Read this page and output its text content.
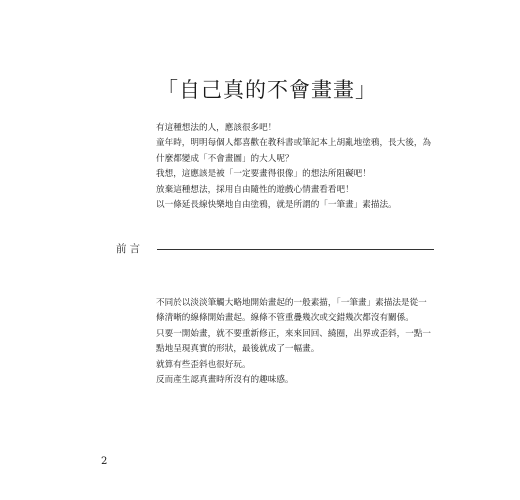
「自己真的不會畫畫」
有這種想法的人，應該很多吧！
童年時，明明每個人都喜歡在教科書或筆記本上胡亂地塗鴉，長大後，為
什麼都變成「不會畫圖」的大人呢？
我想，這應該是被「一定要畫得很像」的想法所阻礙吧！
放棄這種想法，採用自由隨性的遊戲心情畫看看吧！
以一條延長線快樂地自由塗鴉，就是所謂的「一筆畫」素描法。
前言
不同於以淡淡筆觸大略地開始畫起的一般素描，「一筆畫」素描法是從一
條清晰的線條開始畫起。線條不管重疊幾次或交錯幾次都沒有關係。
只要一開始畫，就不要重新修正，來來回回、繞圈，出界或歪斜，一點一
點地呈現真實的形狀，最後就成了一幅畫。
就算有些歪斜也很好玩。
反而產生認真畫時所沒有的趣味感。
2
